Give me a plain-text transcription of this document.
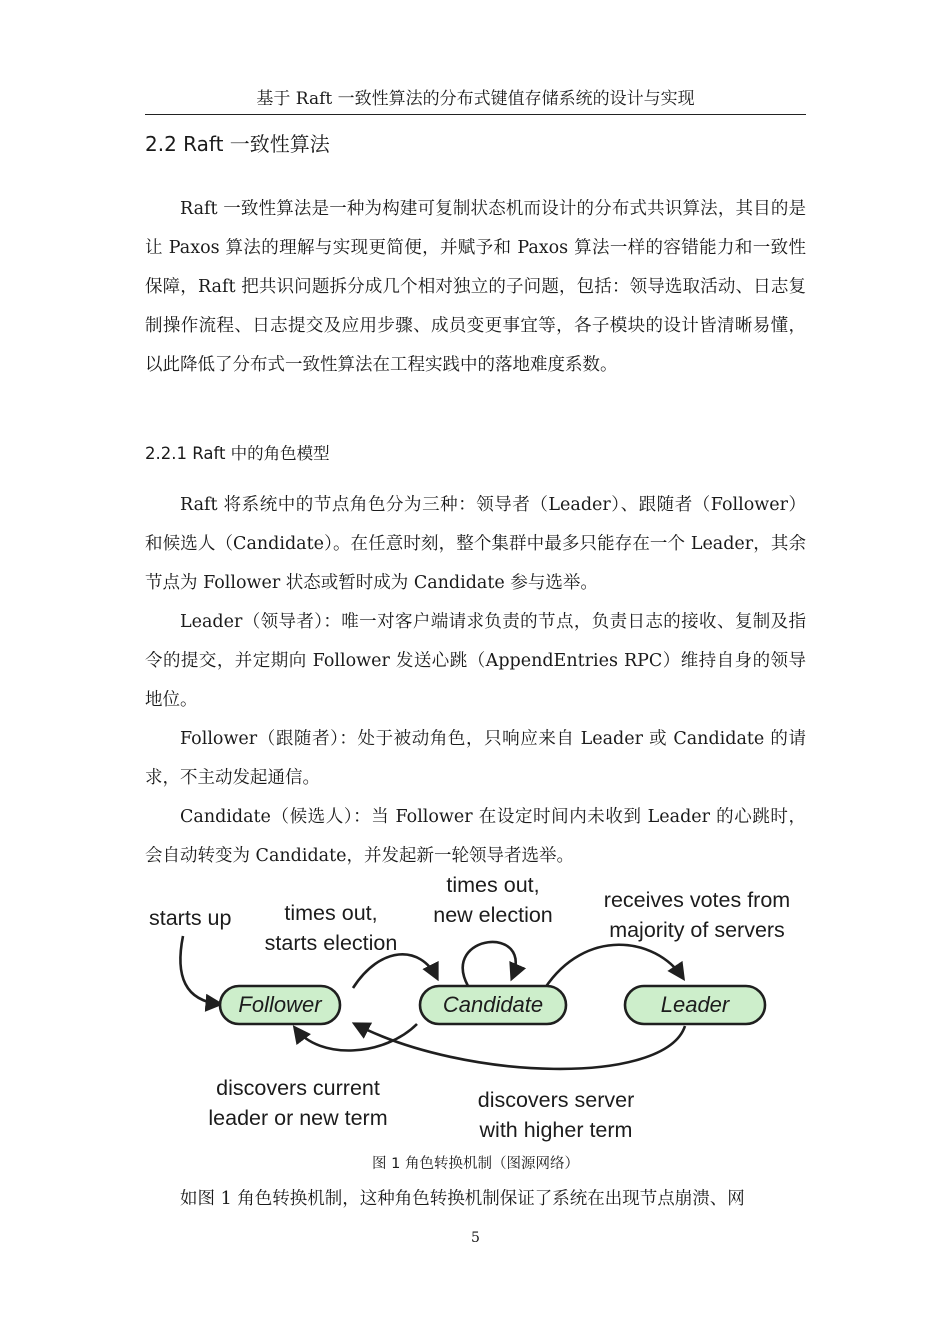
基于 Raft 一致性算法的分布式键值存储系统的设计与实现
2.2 Raft 一致性算法

Raft 一致性算法是一种为构建可复制状态机而设计的分布式共识算法，其目的是让 Paxos 算法的理解与实现更简便，并赋予和 Paxos 算法一样的容错能力和一致性保障，Raft 把共识问题拆分成几个相对独立的子问题，包括：领导选取活动、日志复制操作流程、日志提交及应用步骤、成员变更事宜等，各子模块的设计皆清晰易懂，以此降低了分布式一致性算法在工程实践中的落地难度系数。

2.2.1 Raft 中的角色模型

Raft 将系统中的节点角色分为三种：领导者（Leader）、跟随者（Follower）和候选人（Candidate）。在任意时刻，整个集群中最多只能存在一个 Leader，其余节点为 Follower 状态或暂时成为 Candidate 参与选举。

Leader（领导者）：唯一对客户端请求负责的节点，负责日志的接收、复制及指令的提交，并定期向 Follower 发送心跳（AppendEntries RPC）维持自身的领导地位。

Follower（跟随者）：处于被动角色，只响应来自 Leader 或 Candidate 的请求，不主动发起通信。

Candidate（候选人）：当 Follower 在设定时间内未收到 Leader 的心跳时，会自动转变为 Candidate，并发起新一轮领导者选举。

Follower	Candidate	Leader
starts up times out,
starts election
times out,
new election
receives votes from
majority of servers
discovers current
leader or new term
discovers server
with higher term
图 1 角色转换机制（图源网络）

如图 1 角色转换机制，这种角色转换机制保证了系统在出现节点崩溃、网

5
